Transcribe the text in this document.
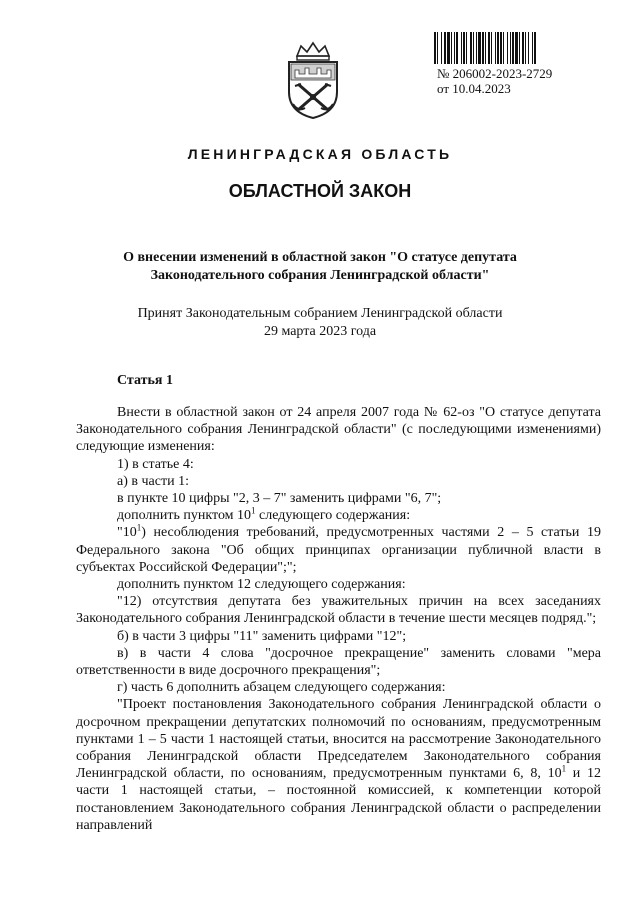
№ 206002-2023-2729
от 10.04.2023
ЛЕНИНГРАДСКАЯ ОБЛАСТЬ
ОБЛАСТНОЙ ЗАКОН
О внесении изменений в областной закон "О статусе депутата
Законодательного собрания Ленинградской области"
Принят Законодательным собранием Ленинградской области
29 марта 2023 года
Статья 1

Внести в областной закон от 24 апреля 2007 года № 62-оз "О статусе депутата Законодательного собрания Ленинградской области" (с последующими изменениями) следующие изменения:

1) в статье 4:

а) в части 1:

в пункте 10 цифры "2, 3 – 7" заменить цифрами "6, 7";

дополнить пунктом $10^1$ следующего содержания:

"$10^1$) несоблюдения требований, предусмотренных частями 2 – 5 статьи 19 Федерального закона "Об общих принципах организации публичной власти в субъектах Российской Федерации";";

дополнить пунктом 12 следующего содержания:

"12) отсутствия депутата без уважительных причин на всех заседаниях Законодательного собрания Ленинградской области в течение шести месяцев подряд.";

б) в части 3 цифры "11" заменить цифрами "12";

в) в части 4 слова "досрочное прекращение" заменить словами "мера ответственности в виде досрочного прекращения";

г) часть 6 дополнить абзацем следующего содержания:

"Проект постановления Законодательного собрания Ленинградской области о досрочном прекращении депутатских полномочий по основаниям, предусмотренным пунктами 1 – 5 части 1 настоящей статьи, вносится на рассмотрение Законодательного собрания Ленинградской области Председателем Законодательного собрания Ленинградской области, по основаниям, предусмотренным пунктами 6, 8, $10^1$ и 12 части 1 настоящей статьи, – постоянной комиссией, к компетенции которой постановлением Законодательного собрания Ленинградской области о распределении направлений
